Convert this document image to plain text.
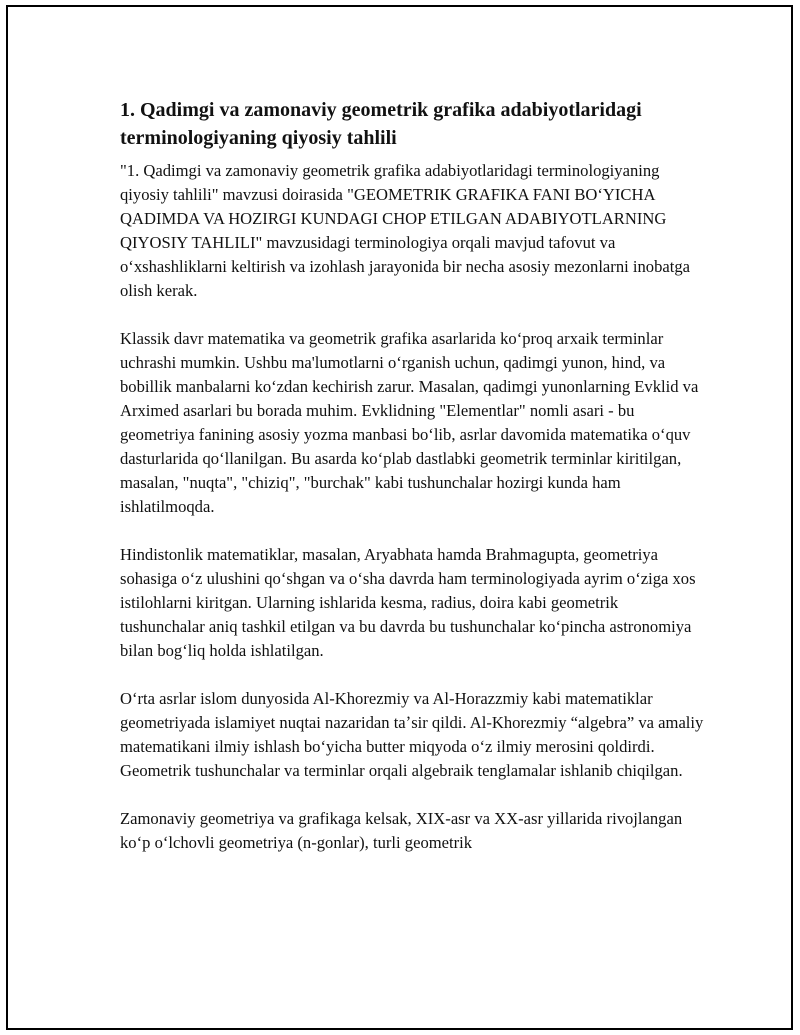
1. Qadimgi va zamonaviy geometrik grafika adabiyotlaridagi terminologiyaning qiyosiy tahlili

"1. Qadimgi va zamonaviy geometrik grafika adabiyotlaridagi terminologiyaning qiyosiy tahlili" mavzusi doirasida "GEOMETRIK GRAFIKA FANI BOʻYICHA QADIMDA VA HOZIRGI KUNDAGI CHOP ETILGAN ADABIYOTLARNING QIYOSIY TAHLILI" mavzusidagi terminologiya orqali mavjud tafovut va oʻxshashliklarni keltirish va izohlash jarayonida bir necha asosiy mezonlarni inobatga olish kerak.

Klassik davr matematika va geometrik grafika asarlarida koʻproq arxaik terminlar uchrashi mumkin. Ushbu ma'lumotlarni oʻrganish uchun, qadimgi yunon, hind, va bobillik manbalarni koʻzdan kechirish zarur. Masalan, qadimgi yunonlarning Evklid va Arximed asarlari bu borada muhim. Evklidning "Elementlar" nomli asari - bu geometriya fanining asosiy yozma manbasi boʻlib, asrlar davomida matematika oʻquv dasturlarida qoʻllanilgan. Bu asarda koʻplab dastlabki geometrik terminlar kiritilgan, masalan, "nuqta", "chiziq", "burchak" kabi tushunchalar hozirgi kunda ham ishlatilmoqda.

Hindistonlik matematiklar, masalan, Aryabhata hamda Brahmagupta, geometriya sohasiga oʻz ulushini qoʻshgan va oʻsha davrda ham terminologiyada ayrim oʻziga xos istilohlarni kiritgan. Ularning ishlarida kesma, radius, doira kabi geometrik tushunchalar aniq tashkil etilgan va bu davrda bu tushunchalar koʻpincha astronomiya bilan bogʻliq holda ishlatilgan.

Oʻrta asrlar islom dunyosida Al-Khorezmiy va Al-Horazzmiy kabi matematiklar geometriyada islamiyet nuqtai nazaridan taʼsir qildi. Al-Khorezmiy “algebra” va amaliy matematikani ilmiy ishlash boʻyicha butter miqyoda oʻz ilmiy merosini qoldirdi. Geometrik tushunchalar va terminlar orqali algebraik tenglamalar ishlanib chiqilgan.

Zamonaviy geometriya va grafikaga kelsak, XIX-asr va XX-asr yillarida rivojlangan koʻp oʻlchovli geometriya (n-gonlar), turli geometrik
